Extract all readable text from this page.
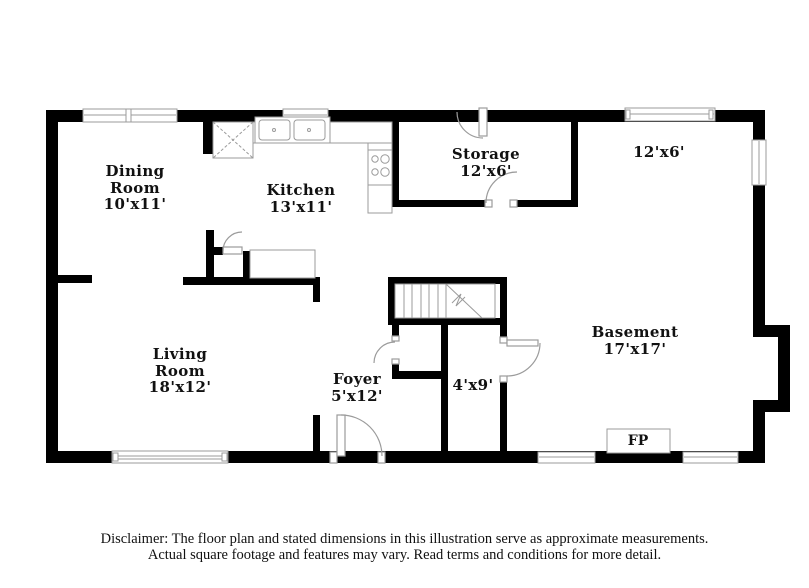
Dining
Room
10'x11'
Kitchen
13'x11'
Storage
12'x6'
12'x6'
Living
Room
18'x12'	Foyer
5'x12'
4'x9'
Basement
17'x17'
FP
Disclaimer: The floor plan and stated dimensions in this illustration serve as approximate measurements.
Actual square footage and features may vary. Read terms and conditions for more detail.
